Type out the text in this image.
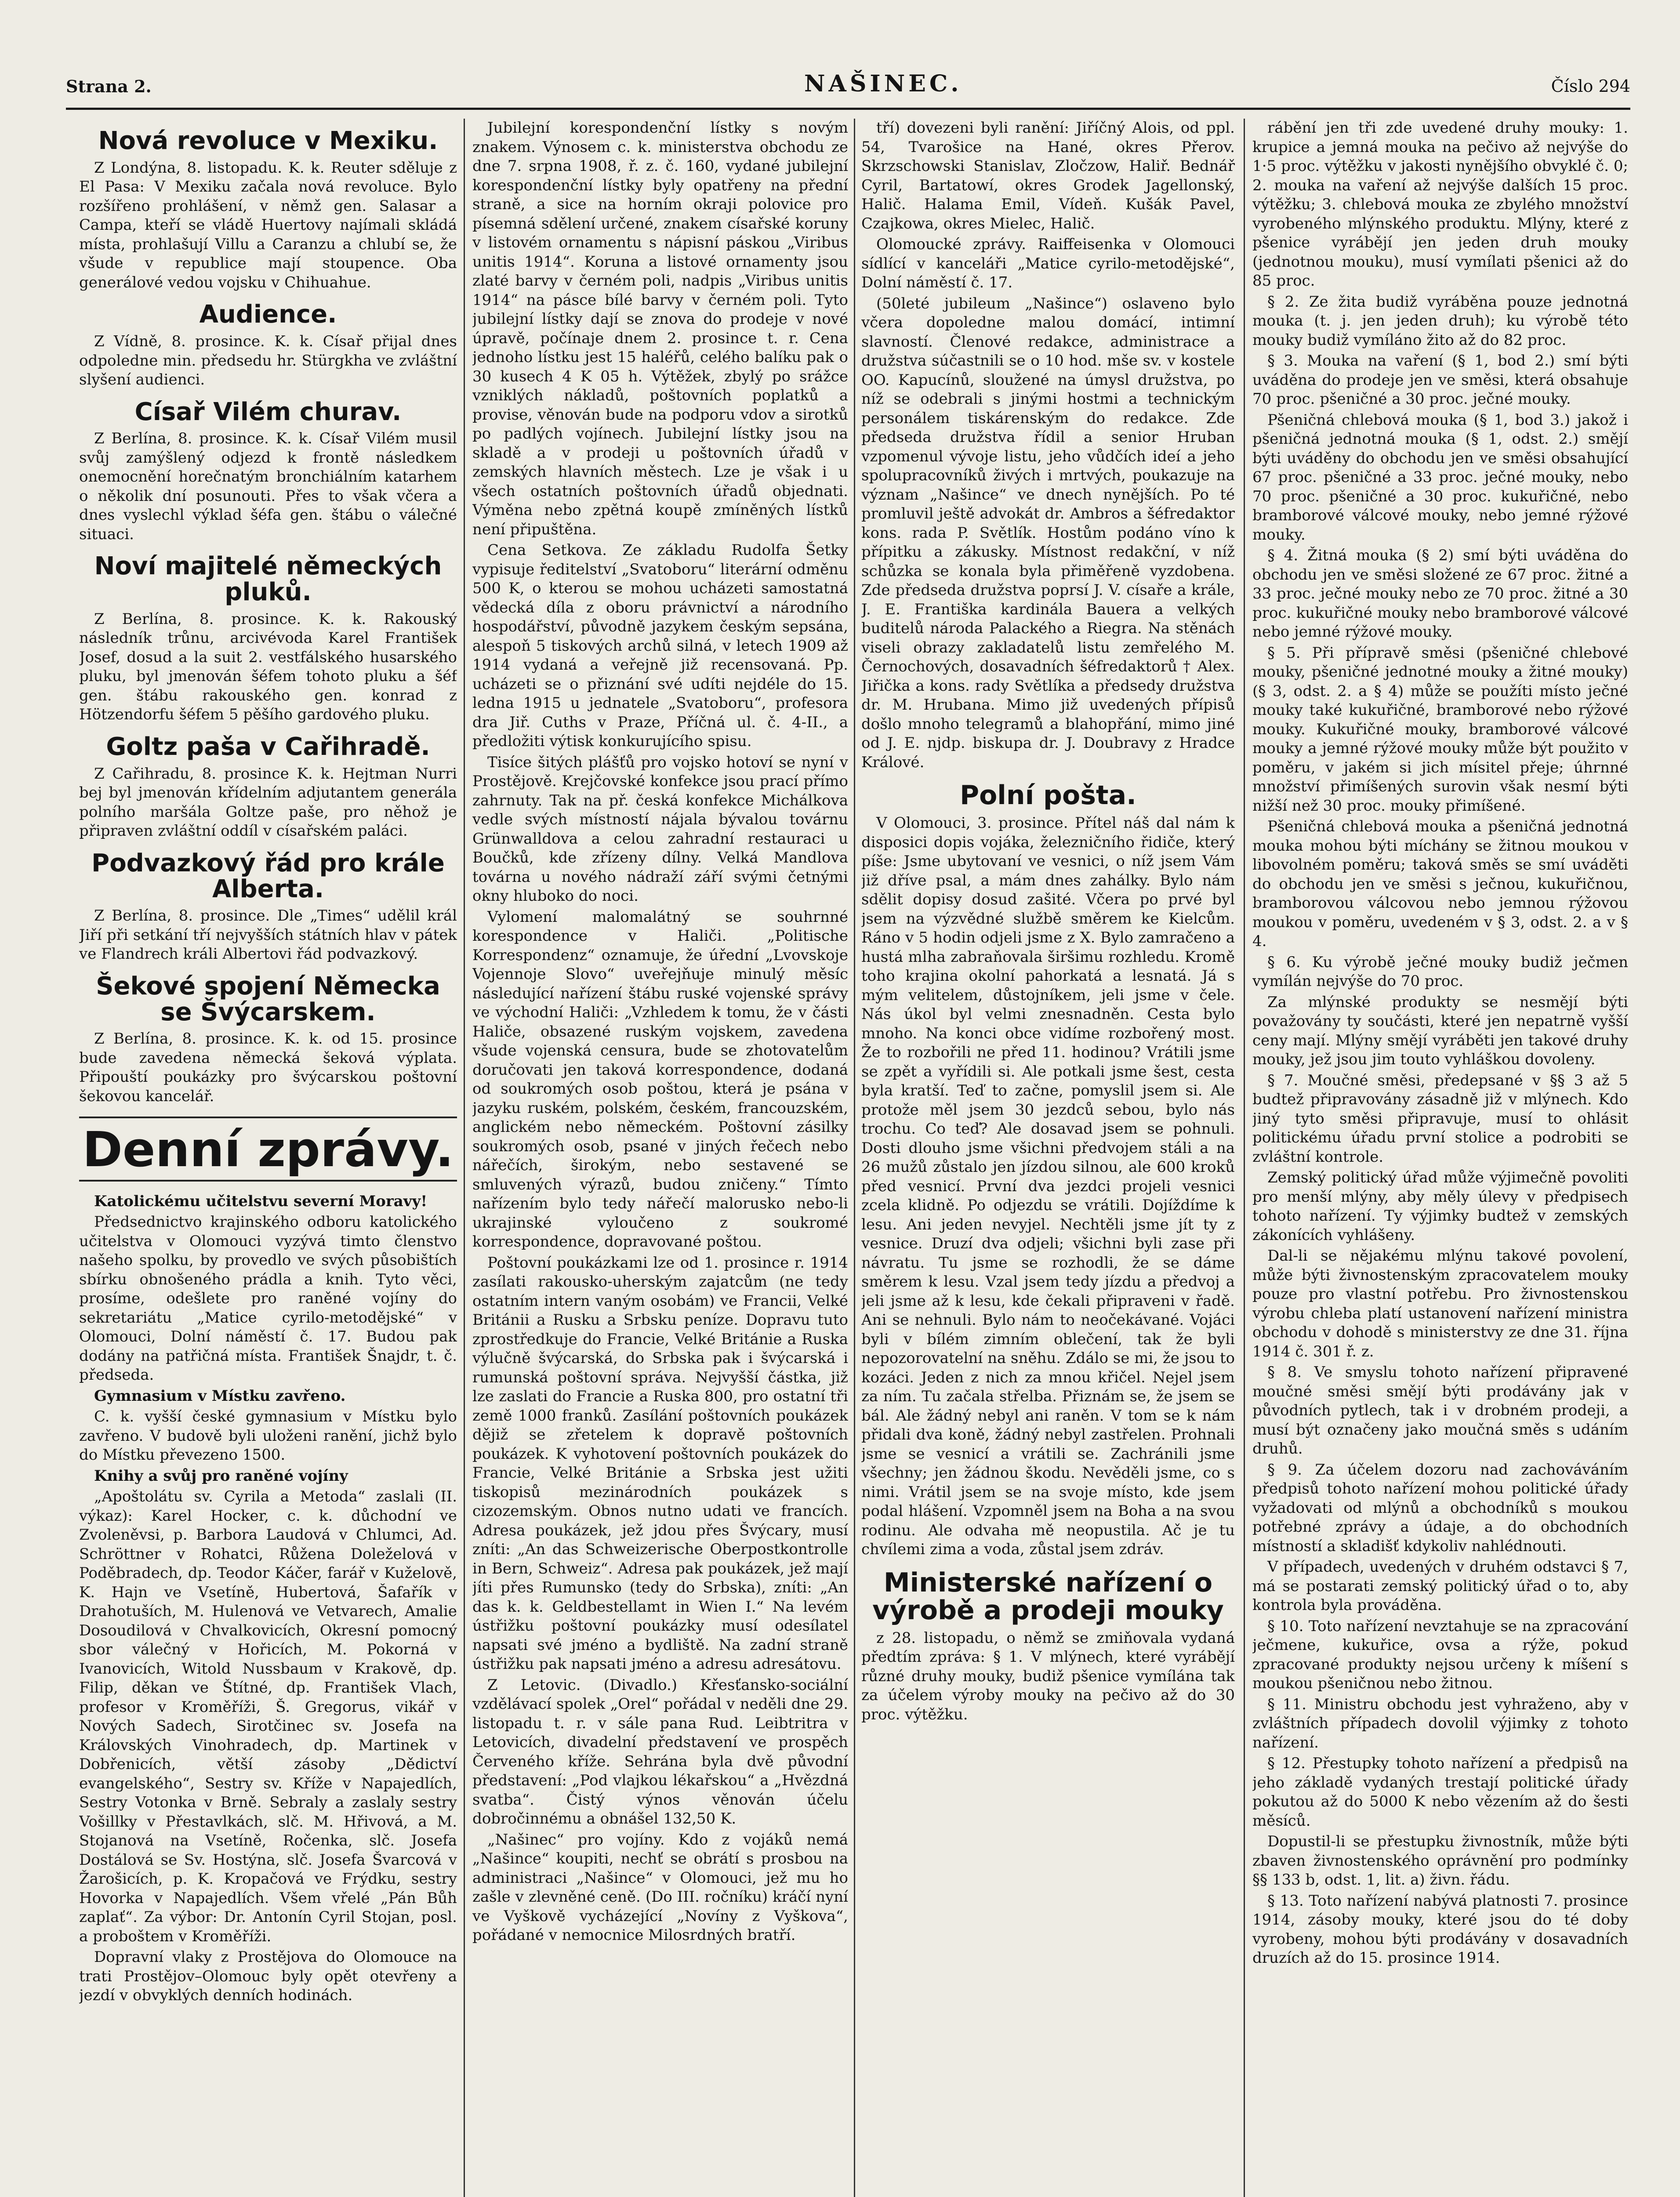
Strana 2.	NAŠINEC.	Číslo 294
Nová revoluce v Mexiku.
Z Londýna, 8. listopadu. K. k. Reuter sděluje z El Pasa: V Mexiku začala nová revoluce. Bylo rozšířeno prohlášení, v němž gen. Salasar a Campa, kteří se vládě Huertovy najímali skládá místa, prohlašují Villu a Caranzu a chlubí se, že všude v republice mají stoupence. Oba generálové vedou vojsku v Chihuahue.
Audience.
Z Vídně, 8. prosince. K. k. Císař přijal dnes odpoledne min. předsedu hr. Stürgkha ve zvláštní slyšení audienci.
Císař Vilém churav.
Z Berlína, 8. prosince. K. k. Císař Vilém musil svůj zamýšlený odjezd k frontě následkem onemocnění horečnatým bronchiálním katarhem o několik dní posunouti. Přes to však včera a dnes vyslechl výklad šéfa gen. štábu o válečné situaci.
Noví majitelé německých pluků.
Z Berlína, 8. prosince. K. k. Rakouský následník trůnu, arcivévoda Karel František Josef, dosud a la suit 2. vestfálského husarského pluku, byl jmenován šéfem tohoto pluku a šéf gen. štábu rakouského gen. konrad z Hötzendorfu šéfem 5 pěšího gardového pluku.
Goltz paša v Cařihradě.
Z Cařihradu, 8. prosince K. k. Hejtman Nurri bej byl jmenován křídelním adjutantem generála polního maršála Goltze paše, pro něhož je připraven zvláštní oddíl v císařském paláci.
Podvazkový řád pro krále Alberta.
Z Berlína, 8. prosince. Dle „Times“ udělil král Jiří při setkání tří nejvyšších státních hlav v pátek ve Flandrech králi Albertovi řád podvazkový.
Šekové spojení Německa se Švýcarskem.
Z Berlína, 8. prosince. K. k. od 15. prosince bude zavedena německá šeková výplata. Připouští poukázky pro švýcarskou poštovní šekovou kancelář.
Denní zprávy.
Katolickému učitelstvu severní Moravy!
Předsednictvo krajinského odboru katolického učitelstva v Olomouci vyzývá timto členstvo našeho spolku, by provedlo ve svých působištích sbírku obnošeného prádla a knih. Tyto věci, prosíme, odešlete pro raněné vojíny do sekretariátu „Matice cyrilo-metodějské“ v Olomouci, Dolní náměstí č. 17. Budou pak dodány na patřičná místa. František Šnajdr, t. č. předseda.
Gymnasium v Místku zavřeno.
C. k. vyšší české gymnasium v Místku bylo zavřeno. V budově byli uloženi ranění, jichž bylo do Místku převezeno 1500.
Knihy a svůj pro raněné vojíny
„Apoštolátu sv. Cyrila a Metoda“ zaslali (II. výkaz): Karel Hocker, c. k. důchodní ve Zvoleněvsi, p. Barbora Laudová v Chlumci, Ad. Schröttner v Rohatci, Růžena Doleželová v Poděbradech, dp. Teodor Káčer, farář v Kuželově, K. Hajn ve Vsetíně, Hubertová, Šafařík v Drahotuších, M. Hulenová ve Vetvarech, Amalie Dosoudilová v Chvalkovicích, Okresní pomocný sbor válečný v Hořicích, M. Pokorná v Ivanovicích, Witold Nussbaum v Krakově, dp. Filip, děkan ve Štítné, dp. František Vlach, profesor v Kroměříži, Š. Gregorus, vikář v Nových Sadech, Sirotčinec sv. Josefa na Královských Vinohradech, dp. Martinek v Dobřenicích, větší zásoby „Dědictví evangelského“, Sestry sv. Kříže v Napajedlích, Sestry Votonka v Brně. Sebraly a zaslaly sestry Vošillky v Přestavlkách, slč. M. Hřivová, a M. Stojanová na Vsetíně, Ročenka, slč. Josefa Dostálová se Sv. Hostýna, slč. Josefa Švarcová v Žarošicích, p. K. Kropačová ve Frýdku, sestry Hovorka v Napajedlích. Všem vřelé „Pán Bůh zaplať“. Za výbor: Dr. Antonín Cyril Stojan, posl. a proboštem v Kroměříži.
Dopravní vlaky z Prostějova do Olomouce na trati Prostějov–Olomouc byly opět otevřeny a jezdí v obvyklých denních hodinách.
Jubilejní korespondenční lístky s novým znakem. Výnosem c. k. ministerstva obchodu ze dne 7. srpna 1908, ř. z. č. 160, vydané jubilejní korespondenční lístky byly opatřeny na přední straně, a sice na horním okraji polovice pro písemná sdělení určené, znakem císařské koruny v listovém ornamentu s nápisní páskou „Viribus unitis 1914“. Koruna a listové ornamenty jsou zlaté barvy v černém poli, nadpis „Viribus unitis 1914“ na pásce bílé barvy v černém poli. Tyto jubilejní lístky dají se znova do prodeje v nové úpravě, počínaje dnem 2. prosince t. r. Cena jednoho lístku jest 15 haléřů, celého balíku pak o 30 kusech 4 K 05 h. Výtěžek, zbylý po srážce vzniklých nákladů, poštovních poplatků a provise, věnován bude na podporu vdov a sirotků po padlých vojínech. Jubilejní lístky jsou na skladě a v prodeji u poštovních úřadů v zemských hlavních městech. Lze je však i u všech ostatních poštovních úřadů objednati. Výměna nebo zpětná koupě zmíněných lístků není připuštěna.
Cena Setkova. Ze základu Rudolfa Šetky vypisuje ředitelství „Svatoboru“ literární odměnu 500 K, o kterou se mohou ucházeti samostatná vědecká díla z oboru právnictví a národního hospodářství, původně jazykem českým sepsána, alespoň 5 tiskových archů silná, v letech 1909 až 1914 vydaná a veřejně již recensovaná. Pp. ucházeti se o přiznání své udíti nejdéle do 15. ledna 1915 u jednatele „Svatoboru“, profesora dra Jiř. Cuths v Praze, Příčná ul. č. 4-II., a předložiti výtisk konkurujícího spisu.
Tisíce šitých plášťů pro vojsko hotoví se nyní v Prostějově. Krejčovské konfekce jsou prací přímo zahrnuty. Tak na př. česká konfekce Michálkova vedle svých místností nájala bývalou továrnu Grünwalldova a celou zahradní restauraci u Boučků, kde zřízeny dílny. Velká Mandlova továrna u nového nádraží září svými četnými okny hluboko do noci.
Vylomení malomalátný se souhrnné korespondence v Haliči. „Politische Korrespondenz“ oznamuje, že úřední „Lvovskoje Vojennoje Slovo“ uveřejňuje minulý měsíc následující nařízení štábu ruské vojenské správy ve východní Haliči: „Vzhledem k tomu, že v části Haliče, obsazené ruským vojskem, zavedena všude vojenská censura, bude se zhotovatelům doručovati jen taková korrespondence, dodaná od soukromých osob poštou, která je psána v jazyku ruském, polském, českém, francouzském, anglickém nebo německém. Poštovní zásilky soukromých osob, psané v jiných řečech nebo nářečích, širokým, nebo sestavené se smluvených výrazů, budou zničeny.“ Tímto nařízením bylo tedy nářečí malorusko nebo-li ukrajinské vyloučeno z soukromé korrespondence, dopravované poštou.
Poštovní poukázkami lze od 1. prosince r. 1914 zasílati rakousko-uherským zajatcům (ne tedy ostatním intern vaným osobám) ve Francii, Velké Británii a Rusku a Srbsku peníze. Dopravu tuto zprostředkuje do Francie, Velké Británie a Ruska výlučně švýcarská, do Srbska pak i švýcarská i rumunská poštovní správa. Nejvyšší částka, již lze zaslati do Francie a Ruska 800, pro ostatní tři země 1000 franků. Zasílání poštovních poukázek dějiž se zřetelem k dopravě poštovních poukázek. K vyhotovení poštovních poukázek do Francie, Velké Británie a Srbska jest užiti tiskopisů mezinárodních poukázek s cizozemským. Obnos nutno udati ve francích. Adresa poukázek, jež jdou přes Švýcary, musí zníti: „An das Schweizerische Oberpostkontrolle in Bern, Schweiz“. Adresa pak poukázek, jež mají jíti přes Rumunsko (tedy do Srbska), zníti: „An das k. k. Geldbestellamt in Wien I.“ Na levém ústřižku poštovní poukázky musí odesílatel napsati své jméno a bydliště. Na zadní straně ústřižku pak napsati jméno a adresu adresátovu.
Z Letovic. (Divadlo.) Křesťansko-sociální vzdělávací spolek „Orel“ pořádal v neděli dne 29. listopadu t. r. v sále pana Rud. Leibtritra v Letovicích, divadelní představení ve prospěch Červeného kříže. Sehrána byla dvě původní představení: „Pod vlajkou lékařskou“ a „Hvězdná svatba“. Čistý výnos věnován účelu dobročinnému a obnášel 132,50 K.
„Našinec“ pro vojíny. Kdo z vojáků nemá „Našince“ koupiti, nechť se obrátí s prosbou na administraci „Našince“ v Olomouci, jež mu ho zašle v zlevněné ceně. (Do III. ročníku) kráčí nyní ve Vyškově vycházející „Novíny z Vyškova“, pořádané v nemocnice Milosrdných bratří.
tří) dovezeni byli ranění: Jiříčný Alois, od ppl. 54, Tvarošice na Hané, okres Přerov. Skrzschowski Stanislav, Zločzow, Haliř. Bednář Cyril, Bartatowí, okres Grodek Jagellonský, Halič. Halama Emil, Vídeň. Kušák Pavel, Czajkowa, okres Mielec, Halič.
Olomoucké zprávy. Raiffeisenka v Olomouci sídlící v kanceláři „Matice cyrilo-metodějské“, Dolní náměstí č. 17.
(50leté jubileum „Našince“) oslaveno bylo včera dopoledne malou domácí, intimní slavností. Členové redakce, administrace a družstva súčastnili se o 10 hod. mše sv. v kostele OO. Kapucínů, sloužené na úmysl družstva, po níž se odebrali s jinými hostmi a technickým personálem tiskárenským do redakce. Zde předseda družstva řídil a senior Hruban vzpomenul vývoje listu, jeho vůdčích ideí a jeho spolupracovníků živých i mrtvých, poukazuje na význam „Našince“ ve dnech nynějších. Po té promluvil ještě advokát dr. Ambros a šéfredaktor kons. rada P. Světlík. Hostům podáno víno k přípitku a zákusky. Místnost redakční, v níž schůzka se konala byla přiměřeně vyzdobena. Zde předseda družstva poprsí J. V. císaře a krále, J. E. Františka kardinála Bauera a velkých buditelů národa Palackého a Riegra. Na stěnách viseli obrazy zakladatelů listu zemřelého M. Černochových, dosavadních šéfredaktorů † Alex. Jiřička a kons. rady Světlíka a předsedy družstva dr. M. Hrubana. Mimo již uvedených přípisů došlo mnoho telegramů a blahopřání, mimo jiné od J. E. njdp. biskupa dr. J. Doubravy z Hradce Králové.
Polní pošta.
V Olomouci, 3. prosince. Přítel náš dal nám k disposici dopis vojáka, železničního řidiče, který píše: Jsme ubytovaní ve vesnici, o níž jsem Vám již dříve psal, a mám dnes zahálky. Bylo nám sdělit dopisy dosud zašité. Včera po prvé byl jsem na výzvědné službě směrem ke Kielcům. Ráno v 5 hodin odjeli jsme z X. Bylo zamračeno a hustá mlha zabraňovala širšimu rozhledu. Kromě toho krajina okolní pahorkatá a lesnatá. Já s mým velitelem, důstojníkem, jeli jsme v čele. Nás úkol byl velmi znesnadněn. Cesta bylo mnoho. Na konci obce vidíme rozbořený most. Že to rozbořili ne před 11. hodinou? Vrátili jsme se zpět a vyřídili si. Ale potkali jsme šest, cesta byla kratší. Teď to začne, pomyslil jsem si. Ale protože měl jsem 30 jezdců sebou, bylo nás trochu. Co teď? Ale dosavad jsem se pohnuli. Dosti dlouho jsme všichni předvojem stáli a na 26 mužů zůstalo jen jízdou silnou, ale 600 kroků před vesnicí. První dva jezdci projeli vesnici zcela klidně. Po odjezdu se vrátili. Dojíždíme k lesu. Ani jeden nevyjel. Nechtěli jsme jít ty z vesnice. Druzí dva odjeli; všichni byli zase při návratu. Tu jsme se rozhodli, že se dáme směrem k lesu. Vzal jsem tedy jízdu a předvoj a jeli jsme až k lesu, kde čekali připraveni v řadě. Ani se nehnuli. Bylo nám to neočekávané. Vojáci byli v bílém zimním oblečení, tak že byli nepozorovatelní na sněhu. Zdálo se mi, že jsou to kozáci. Jeden z nich za mnou křičel. Nejel jsem za ním. Tu začala střelba. Přiznám se, že jsem se bál. Ale žádný nebyl ani raněn. V tom se k nám přidali dva koně, žádný nebyl zastřelen. Prohnali jsme se vesnicí a vrátili se. Zachránili jsme všechny; jen žádnou škodu. Nevěděli jsme, co s nimi. Vrátil jsem se na svoje místo, kde jsem podal hlášení. Vzpomněl jsem na Boha a na svou rodinu. Ale odvaha mě neopustila. Ač je tu chvílemi zima a voda, zůstal jsem zdráv.
Ministerské nařízení o výrobě a prodeji mouky
z 28. listopadu, o němž se zmiňovala vydaná předtím zpráva: § 1. V mlýnech, které vyrábějí různé druhy mouky, budiž pšenice vymílána tak za účelem výroby mouky na pečivo až do 30 proc. výtěžku.
rábění jen tři zde uvedené druhy mouky: 1. krupice a jemná mouka na pečivo až nejvýše do 1·5 proc. výtěžku v jakosti nynějšího obvyklé č. 0; 2. mouka na vaření až nejvýše dalších 15 proc. výtěžku; 3. chlebová mouka ze zbylého množství vyrobeného mlýnského produktu. Mlýny, které z pšenice vyrábějí jen jeden druh mouky (jednotnou mouku), musí vymílati pšenici až do 85 proc.
§ 2. Ze žita budiž vyráběna pouze jednotná mouka (t. j. jen jeden druh); ku výrobě této mouky budiž vymíláno žito až do 82 proc.
§ 3. Mouka na vaření (§ 1, bod 2.) smí býti uváděna do prodeje jen ve směsi, která obsahuje 70 proc. pšeničné a 30 proc. ječné mouky.
Pšeničná chlebová mouka (§ 1, bod 3.) jakož i pšeničná jednotná mouka (§ 1, odst. 2.) smějí býti uváděny do obchodu jen ve směsi obsahující 67 proc. pšeničné a 33 proc. ječné mouky, nebo 70 proc. pšeničné a 30 proc. kukuřičné, nebo bramborové válcové mouky, nebo jemné rýžové mouky.
§ 4. Žitná mouka (§ 2) smí býti uváděna do obchodu jen ve směsi složené ze 67 proc. žitné a 33 proc. ječné mouky nebo ze 70 proc. žitné a 30 proc. kukuřičné mouky nebo bramborové válcové nebo jemné rýžové mouky.
§ 5. Při přípravě směsi (pšeničné chlebové mouky, pšeničné jednotné mouky a žitné mouky) (§ 3, odst. 2. a § 4) může se použíti místo ječné mouky také kukuřičné, bramborové nebo rýžové mouky. Kukuřičné mouky, bramborové válcové mouky a jemné rýžové mouky může být použito v poměru, v jakém si jich mísitel přeje; úhrnné množství přimíšených surovin však nesmí býti nižší než 30 proc. mouky přimíšené.
Pšeničná chlebová mouka a pšeničná jednotná mouka mohou býti míchány se žitnou moukou v libovolném poměru; taková směs se smí uváděti do obchodu jen ve směsi s ječnou, kukuřičnou, bramborovou válcovou nebo jemnou rýžovou moukou v poměru, uvedeném v § 3, odst. 2. a v § 4.
§ 6. Ku výrobě ječné mouky budiž ječmen vymílán nejvýše do 70 proc.
Za mlýnské produkty se nesmějí býti považovány ty součásti, které jen nepatrně vyšší ceny mají. Mlýny smějí vyráběti jen takové druhy mouky, jež jsou jim touto vyhláškou dovoleny.
§ 7. Moučné směsi, předepsané v §§ 3 až 5 budtež připravovány zásadně již v mlýnech. Kdo jiný tyto směsi připravuje, musí to ohlásit politickému úřadu první stolice a podrobiti se zvláštní kontrole.
Zemský politický úřad může výjimečně povoliti pro menší mlýny, aby měly úlevy v předpisech tohoto nařízení. Ty výjimky budtež v zemských zákonících vyhlášeny.
Dal-li se nějakému mlýnu takové povolení, může býti živnostenským zpracovatelem mouky pouze pro vlastní potřebu. Pro živnostenskou výrobu chleba platí ustanovení nařízení ministra obchodu v dohodě s ministerstvy ze dne 31. října 1914 č. 301 ř. z.
§ 8. Ve smyslu tohoto nařízení připravené moučné směsi smějí býti prodávány jak v původních pytlech, tak i v drobném prodeji, a musí být označeny jako moučná směs s udáním druhů.
§ 9. Za účelem dozoru nad zachováváním předpisů tohoto nařízení mohou politické úřady vyžadovati od mlýnů a obchodníků s moukou potřebné zprávy a údaje, a do obchodních místností a skladišť kdykoliv nahlédnouti.
V případech, uvedených v druhém odstavci § 7, má se postarati zemský politický úřad o to, aby kontrola byla prováděna.
§ 10. Toto nařízení nevztahuje se na zpracování ječmene, kukuřice, ovsa a rýže, pokud zpracované produkty nejsou určeny k míšení s moukou pšeničnou nebo žitnou.
§ 11. Ministru obchodu jest vyhraženo, aby v zvláštních případech dovolil výjimky z tohoto nařízení.
§ 12. Přestupky tohoto nařízení a předpisů na jeho základě vydaných trestají politické úřady pokutou až do 5000 K nebo vězením až do šesti měsíců.
Dopustil-li se přestupku živnostník, může býti zbaven živnostenského oprávnění pro podmínky §§ 133 b, odst. 1, lit. a) živn. řádu.
§ 13. Toto nařízení nabývá platnosti 7. prosince 1914, zásoby mouky, které jsou do té doby vyrobeny, mohou býti prodávány v dosavadních druzích až do 15. prosince 1914.
